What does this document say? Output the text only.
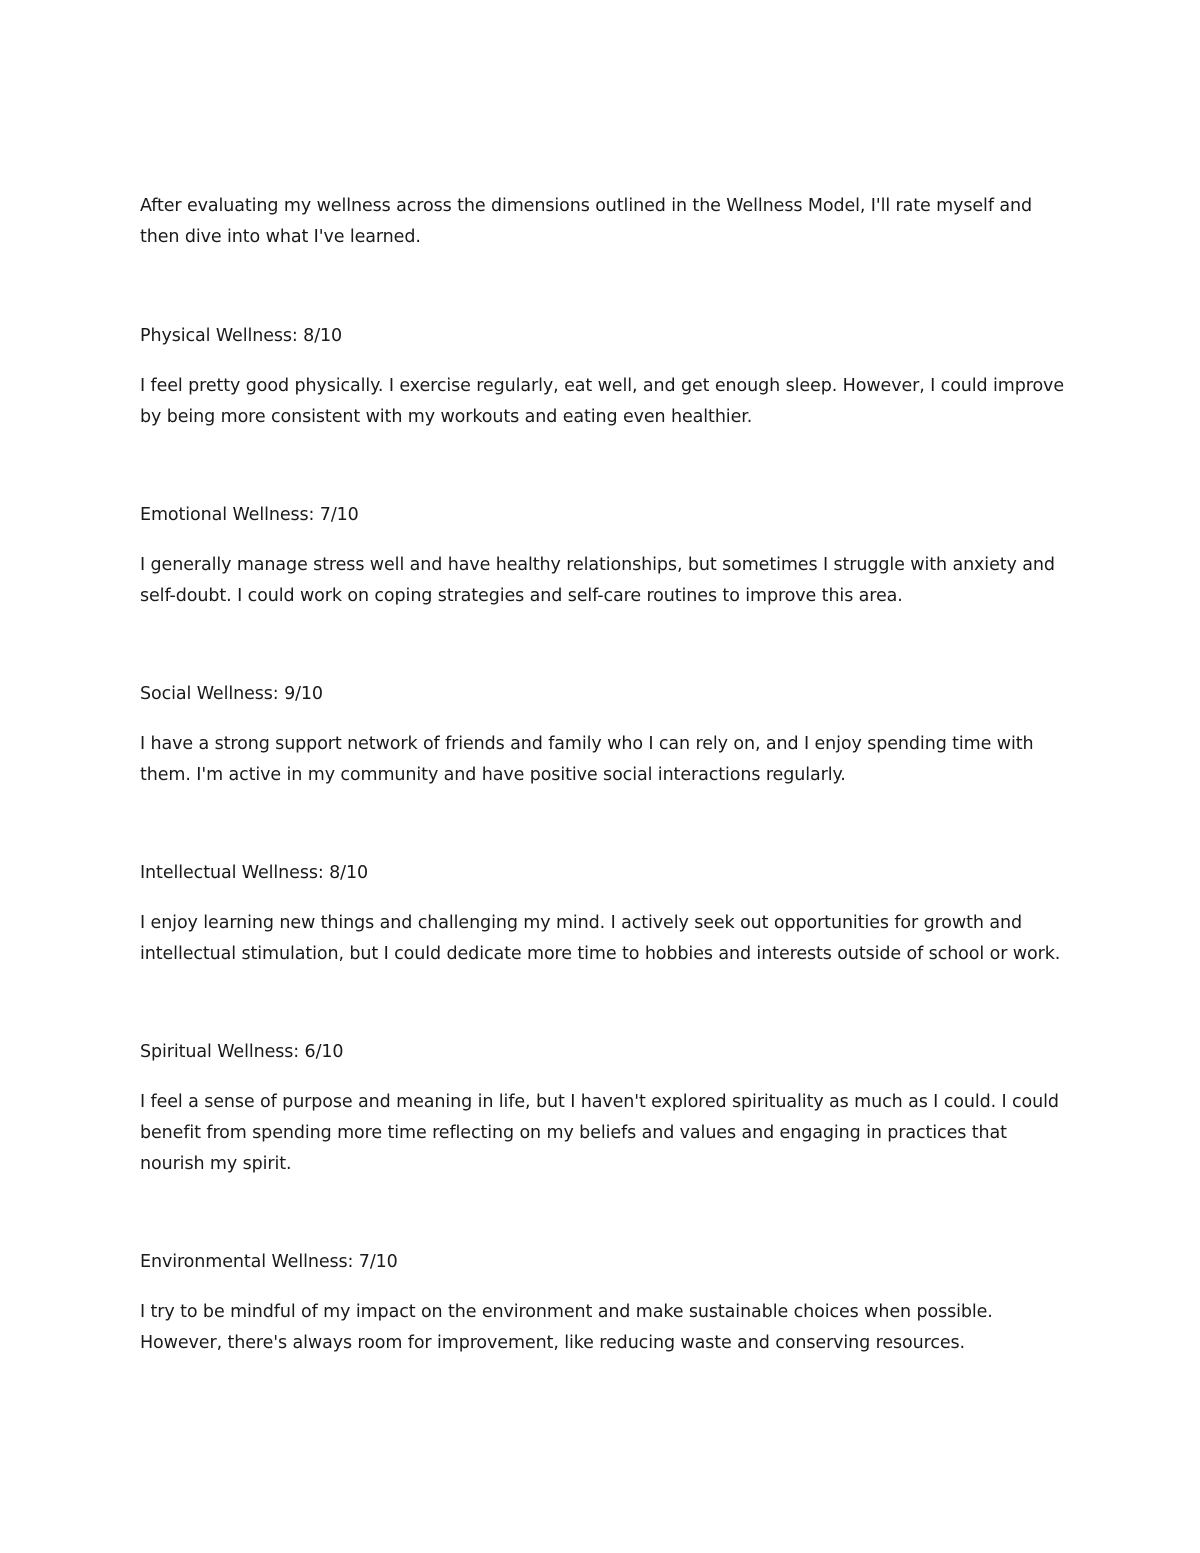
After evaluating my wellness across the dimensions outlined in the Wellness Model, I'll rate myself and then dive into what I've learned.

Physical Wellness: 8/10

I feel pretty good physically. I exercise regularly, eat well, and get enough sleep. However, I could improve by being more consistent with my workouts and eating even healthier.

Emotional Wellness: 7/10

I generally manage stress well and have healthy relationships, but sometimes I struggle with anxiety and self-doubt. I could work on coping strategies and self-care routines to improve this area.

Social Wellness: 9/10

I have a strong support network of friends and family who I can rely on, and I enjoy spending time with them. I'm active in my community and have positive social interactions regularly.

Intellectual Wellness: 8/10

I enjoy learning new things and challenging my mind. I actively seek out opportunities for growth and intellectual stimulation, but I could dedicate more time to hobbies and interests outside of school or work.

Spiritual Wellness: 6/10

I feel a sense of purpose and meaning in life, but I haven't explored spirituality as much as I could. I could benefit from spending more time reflecting on my beliefs and values and engaging in practices that nourish my spirit.

Environmental Wellness: 7/10

I try to be mindful of my impact on the environment and make sustainable choices when possible. However, there's always room for improvement, like reducing waste and conserving resources.
